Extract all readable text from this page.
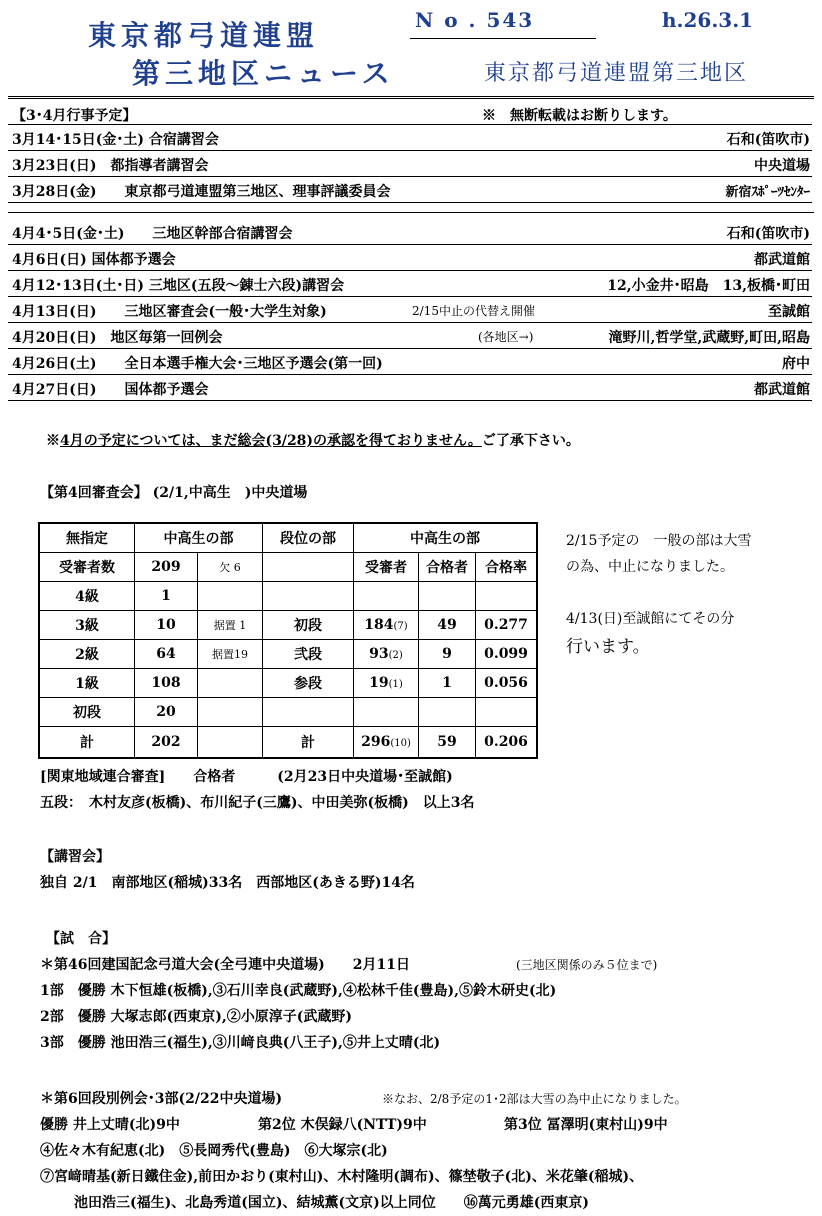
東京都弓道連盟
第三地区ニュース
N o . 543	h.26.3.1
東京都弓道連盟第三地区
【3･4月行事予定】	※　無断転載はお断りします。
3月14･15日(金･土) 合宿講習会	石和(笛吹市)
3月23日(日)　都指導者講習会	中央道場
3月28日(金)　　東京都弓道連盟第三地区、理事評議委員会	新宿ｽﾎﾟｰﾂｾﾝﾀｰ
4月4･5日(金･土)　　三地区幹部合宿講習会	石和(笛吹市)
4月6日(日) 国体都予選会	都武道館
4月12･13日(土･日) 三地区(五段～錬士六段)講習会	12,小金井･昭島　13,板橋･町田
4月13日(日)　　三地区審査会(一般･大学生対象)	2/15中止の代替え開催	至誠館
4月20日(日)　地区毎第一回例会	(各地区→)	滝野川,哲学堂,武蔵野,町田,昭島
4月26日(土)　　全日本選手権大会･三地区予選会(第一回)	府中
4月27日(日)　　国体都予選会	都武道館
※4月の予定については、まだ総会(3/28)の承認を得ておりません。ご了承下さい。
【第4回審査会】 (2/1,中高生　)中央道場
無指定	中高生の部		段位の部	中高生の部		
受審者数	209	欠 6		受審者	合格者	合格率
4級	1					
3級	10	据置 1	初段	184(7)	49	0.277
2級	64	据置19	弐段	93(2)	9	0.099
1級	108		参段	19(1)	1	0.056
初段	20					
計	202		計	296(10)	59	0.206
2/15予定の　一般の部は大雪
の為、中止になりました。
4/13(日)至誠館にてその分
行います。
[関東地域連合審査]　　合格者　　　(2月23日中央道場･至誠館)
五段：　木村友彦(板橋)、布川紀子(三鷹)、中田美弥(板橋)　以上3名
【講習会】
独自 2/1　南部地区(稲城)33名　西部地区(あきる野)14名
【試　合】
＊第46回建国記念弓道大会(全弓連中央道場)　　2月11日	(三地区関係のみ５位まで)
1部　優勝 木下恒雄(板橋),③石川幸良(武蔵野),④松林千佳(豊島),⑤鈴木研史(北)
2部　優勝 大塚志郎(西東京),②小原淳子(武蔵野)
3部　優勝 池田浩三(福生),③川﨑良典(八王子),⑤井上丈晴(北)
＊第6回段別例会･3部(2/22中央道場)	※なお、2/8予定の1･2部は大雪の為中止になりました。
優勝 井上丈晴(北)9中	第2位 木俣録八(NTT)9中	第3位 冨澤明(東村山)9中
④佐々木有紀恵(北)　⑤長岡秀代(豊島)　⑥大塚宗(北)
⑦宮﨑晴基(新日鐵住金),前田かおり(東村山)、木村隆明(調布)、篠埜敬子(北)、米花肇(稲城)、
池田浩三(福生)、北島秀道(国立)、結城薫(文京)以上同位　　⑯萬元勇雄(西東京)
